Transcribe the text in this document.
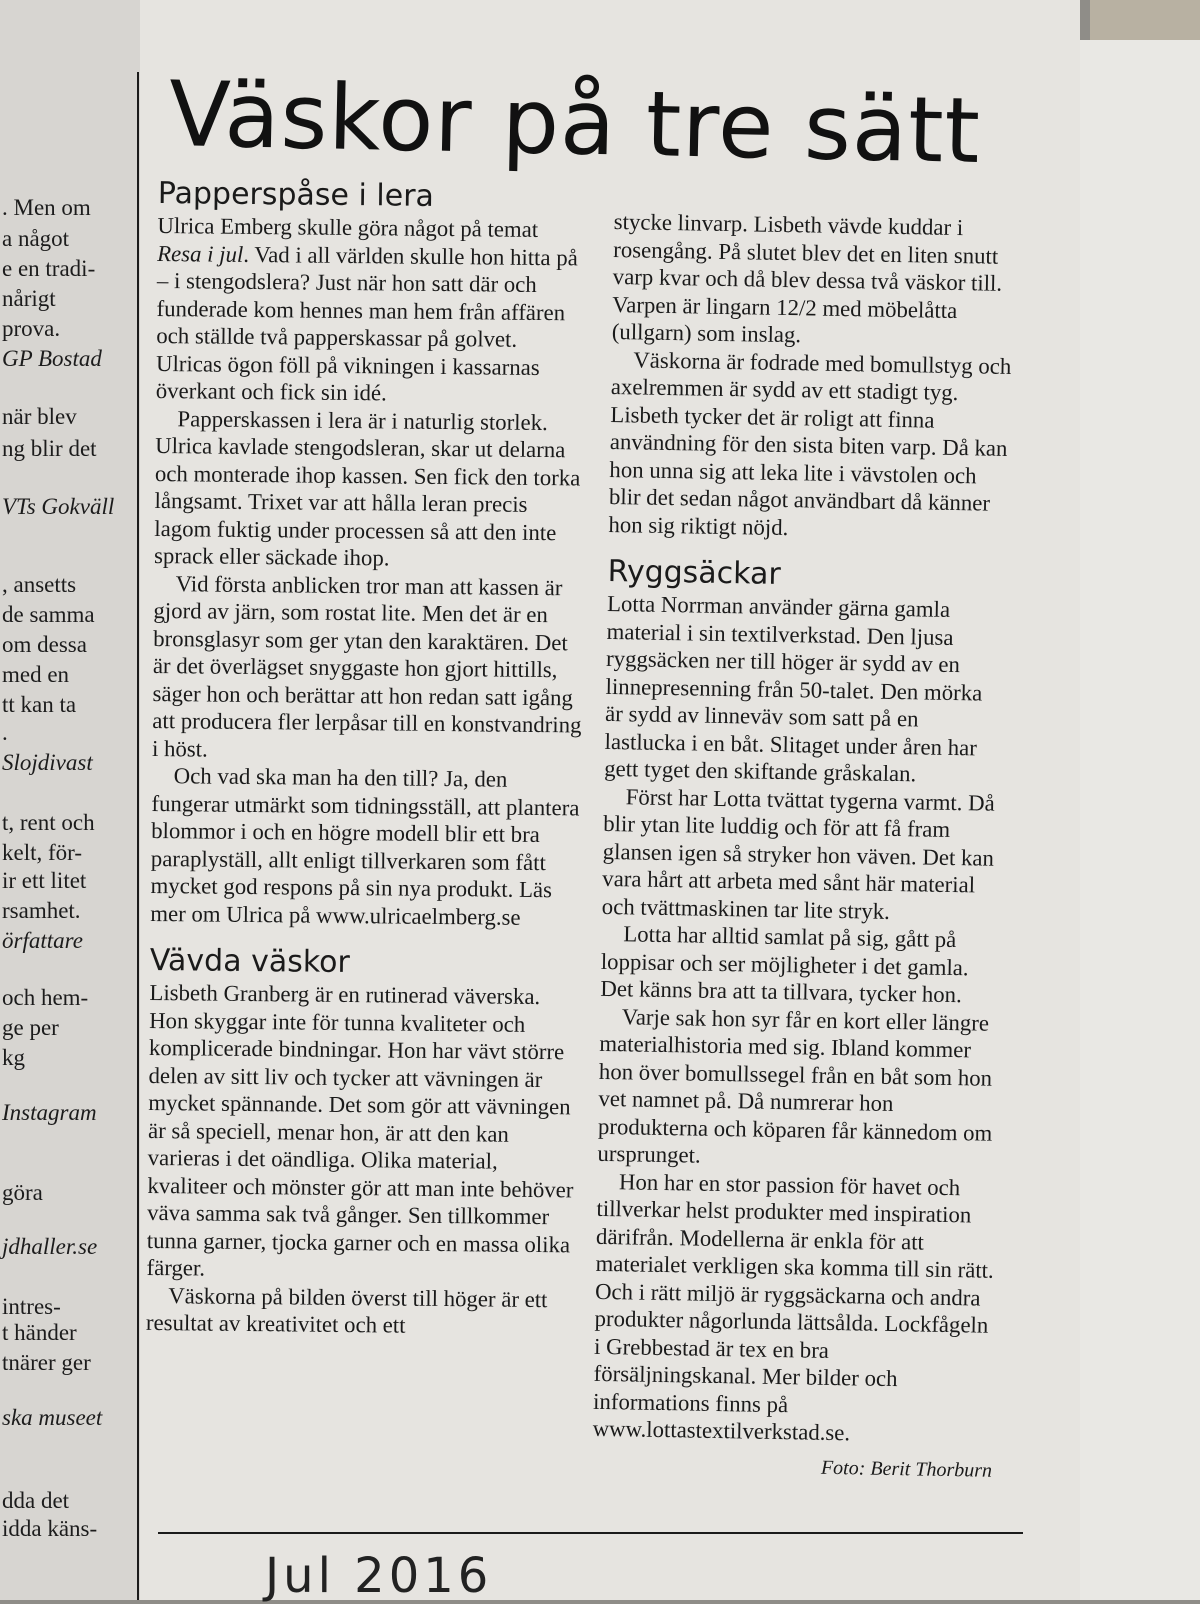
. Men om
a något
e en tradi-
nårigt
prova.
GP Bostad
när blev
ng blir det
VTs Gokväll
, ansetts
de samma
om dessa
med en
tt kan ta
.
Slojdivast
t, rent och
kelt, för-
ir ett litet
rsamhet.
örfattare
och hem-
ge per
kg
Instagram
göra
jdhaller.se
intres-
t händer
tnärer ger
ska museet
dda det
idda käns-
Väskor på tre sätt
Papperspåse i lera

Ulrica Emberg skulle göra något på temat Resa i jul. Vad i all världen skulle hon hitta på – i stengodslera? Just när hon satt där och funderade kom hennes man hem från affären och ställde två papperskassar på golvet. Ulricas ögon föll på vikningen i kassarnas överkant och fick sin idé.

Papperskassen i lera är i naturlig storlek. Ulrica kavlade stengodsleran, skar ut delarna och monterade ihop kassen. Sen fick den torka långsamt. Trixet var att hålla leran precis lagom fuktig under processen så att den inte sprack eller säckade ihop.

Vid första anblicken tror man att kassen är gjord av järn, som rostat lite. Men det är en bronsglasyr som ger ytan den karaktären. Det är det överlägset snyggaste hon gjort hittills, säger hon och berättar att hon redan satt igång att producera fler lerpåsar till en konstvandring i höst.

Och vad ska man ha den till? Ja, den fungerar utmärkt som tidningsställ, att plantera blommor i och en högre modell blir ett bra paraplyställ, allt enligt tillverkaren som fått mycket god respons på sin nya produkt. Läs mer om Ulrica på www.ulricaelmberg.se

Vävda väskor

Lisbeth Granberg är en rutinerad väverska. Hon skyggar inte för tunna kvaliteter och komplicerade bindningar. Hon har vävt större delen av sitt liv och tycker att vävningen är mycket spännande. Det som gör att vävningen är så speciell, menar hon, är att den kan varieras i det oändliga. Olika material, kvaliteer och mönster gör att man inte behöver väva samma sak två gånger. Sen tillkommer tunna garner, tjocka garner och en massa olika färger.

Väskorna på bilden överst till höger är ett resultat av kreativitet och ett

stycke linvarp. Lisbeth vävde kuddar i rosengång. På slutet blev det en liten snutt varp kvar och då blev dessa två väskor till. Varpen är lingarn 12/2 med möbelåtta (ullgarn) som inslag.

Väskorna är fodrade med bomullstyg och axelremmen är sydd av ett stadigt tyg. Lisbeth tycker det är roligt att finna användning för den sista biten varp. Då kan hon unna sig att leka lite i vävstolen och blir det sedan något användbart då känner hon sig riktigt nöjd.

Ryggsäckar

Lotta Norrman använder gärna gamla material i sin textilverkstad. Den ljusa ryggsäcken ner till höger är sydd av en linnepresenning från 50-talet. Den mörka är sydd av linneväv som satt på en lastlucka i en båt. Slitaget under åren har gett tyget den skiftande gråskalan.

Först har Lotta tvättat tygerna varmt. Då blir ytan lite luddig och för att få fram glansen igen så stryker hon väven. Det kan vara hårt att arbeta med sånt här material och tvättmaskinen tar lite stryk.

Lotta har alltid samlat på sig, gått på loppisar och ser möjligheter i det gamla. Det känns bra att ta tillvara, tycker hon.

Varje sak hon syr får en kort eller längre materialhistoria med sig. Ibland kommer hon över bomullssegel från en båt som hon vet namnet på. Då numrerar hon produkterna och köparen får kännedom om ursprunget.

Hon har en stor passion för havet och tillverkar helst produkter med inspiration därifrån. Modellerna är enkla för att materialet verkligen ska komma till sin rätt. Och i rätt miljö är ryggsäckarna och andra produkter någorlunda lättsålda. Lockfågeln i Grebbestad är tex en bra försäljningskanal. Mer bilder och informations finns på www.lottastextilverkstad.se.

Foto: Berit Thorburn

Jul 2016
